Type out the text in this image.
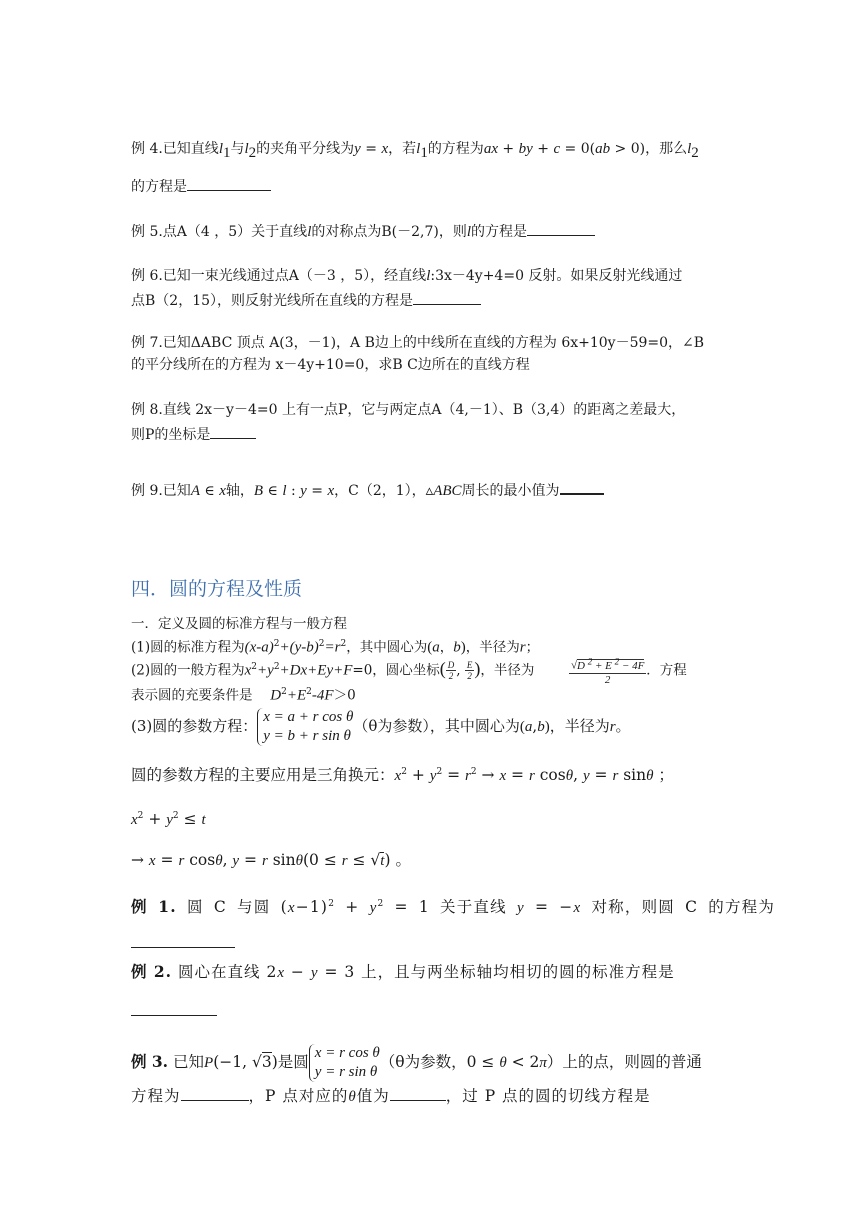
例 4.已知直线$l_1$与$l_2$的夹角平分线为y = x，若$l_1$的方程为ax + by + c = 0(ab > 0)，那么$l_2$
的方程是
例 5.点A（4 ，5）关于直线l的对称点为B(－2,7)，则l的方程是
例 6.已知一束光线通过点A（－3 ，5），经直线l:3x－4y+4=0 反射。如果反射光线通过
点B（2，15），则反射光线所在直线的方程是
例 7.已知ΔABC 顶点 A(3，－1)，A B边上的中线所在直线的方程为 6x+10y－59=0，∠B
的平分线所在的方程为 x－4y+10=0，求B C边所在的直线方程
例 8.直线 2x－y－4=0 上有一点P，它与两定点A（4,－1）、B（3,4）的距离之差最大，
则P的坐标是
例 9.已知A ∈ x轴，B ∈ l : y = x，C（2，1），▵ABC周长的最小值为
四．圆的方程及性质
一．定义及圆的标准方程与一般方程
(1)圆的标准方程为$(x-a)^2+(y-b)^2=r^2$，其中圆心为(a，b)，半径为r；
(2)圆的一般方程为$x^2+y^2+Dx+Ey+F=0$，圆心坐标( $\frac{D}{2}$ , $\frac{E}{2}$ )，半径为	$\frac{√D ^2 + E ^2 - 4F}{2}$ ．方程
表示圆的充要条件是　 $D^2+E^2-4F>0$
(3)圆的参数方程： x = a + r cos θ
y = b + r sin θ
（θ为参数），其中圆心为(a,b)，半径为r。
圆的参数方程的主要应用是三角换元：$x^2 + y^2 = r^2 \to x = r$ cosθ, y = r sinθ ；
$x^2 + y^2 \le t$
→ x = r cosθ, y = r sinθ(0 ≤ r ≤ √t) 。
例 1. 圆 C 与圆 $(x-1)^2 + y^2 = 1$ 关于直线 y = −x 对称，则圆 C 的方程为
例 2. 圆心在直线 2x − y = 3 上，且与两坐标轴均相切的圆的标准方程是
例 3. 已知P(−1, √3)是圆 x = r cos θ
y = r sin θ
（θ为参数，0 ≤ θ < 2π）上的点，则圆的普通
方程为	，P 点对应的θ值为	，过 P 点的圆的切线方程是
